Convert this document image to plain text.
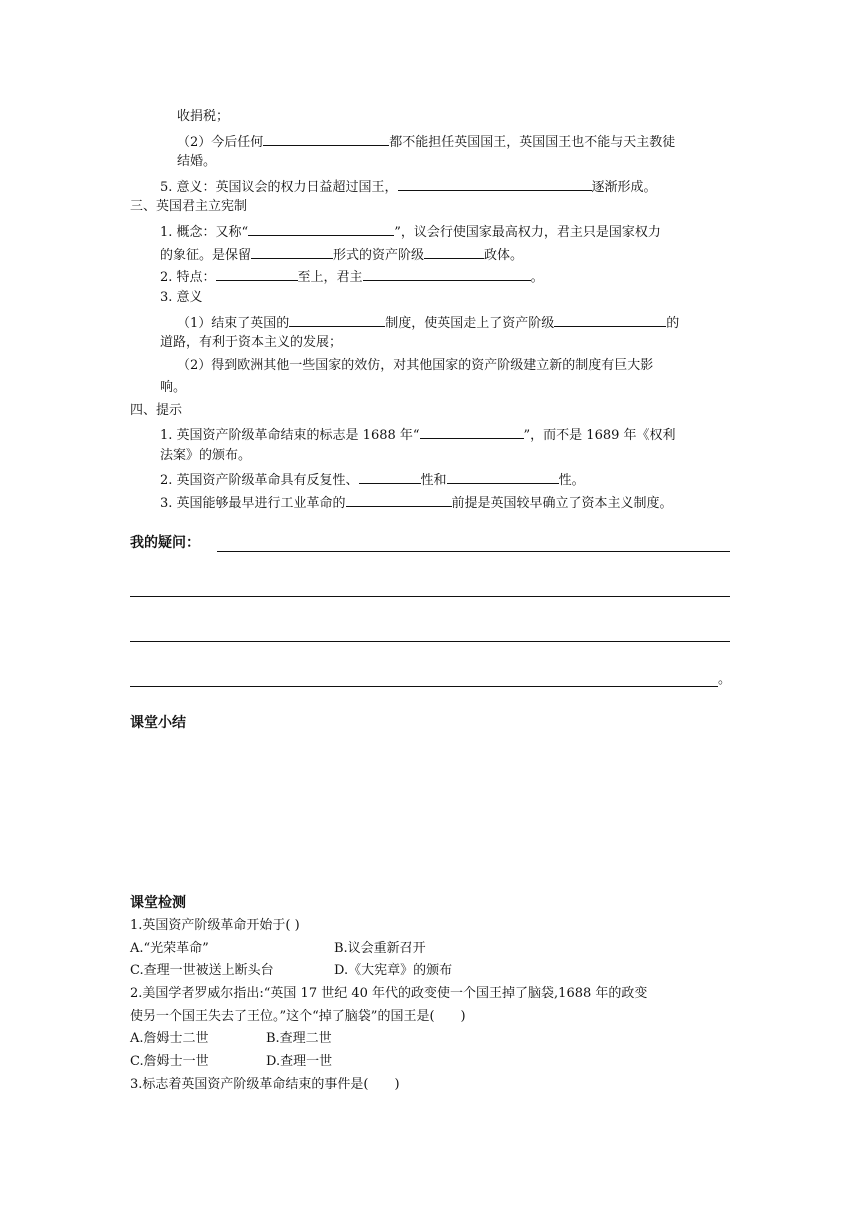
收捐税；
（2）今后任何	都不能担任英国国王，英国国王也不能与天主教徒
结婚。
5. 意义：英国议会的权力日益超过国王，	逐渐形成。
三、英国君主立宪制
1. 概念：又称“	”，议会行使国家最高权力，君主只是国家权力
的象征。是保留	形式的资产阶级	政体。
2. 特点：	至上，君主	。
3. 意义
（1）结束了英国的	制度，使英国走上了资产阶级	的
道路，有利于资本主义的发展；
（2）得到欧洲其他一些国家的效仿，对其他国家的资产阶级建立新的制度有巨大影
响。
四、提示
1. 英国资产阶级革命结束的标志是 1688 年“	”，而不是 1689 年《权利
法案》的颁布。
2. 英国资产阶级革命具有反复性、	性和	性。
3. 英国能够最早进行工业革命的	前提是英国较早确立了资本主义制度。
我的疑问：
。
课堂小结
课堂检测
1.英国资产阶级革命开始于( )
A.“光荣革命”	B.议会重新召开
C.查理一世被送上断头台	D.《大宪章》的颁布
2.美国学者罗威尔指出:“英国 17 世纪 40 年代的政变使一个国王掉了脑袋,1688 年的政变
使另一个国王失去了王位。”这个“掉了脑袋”的国王是(　　)
A.詹姆士二世	B.查理二世
C.詹姆士一世	D.查理一世
3.标志着英国资产阶级革命结束的事件是(　　)
